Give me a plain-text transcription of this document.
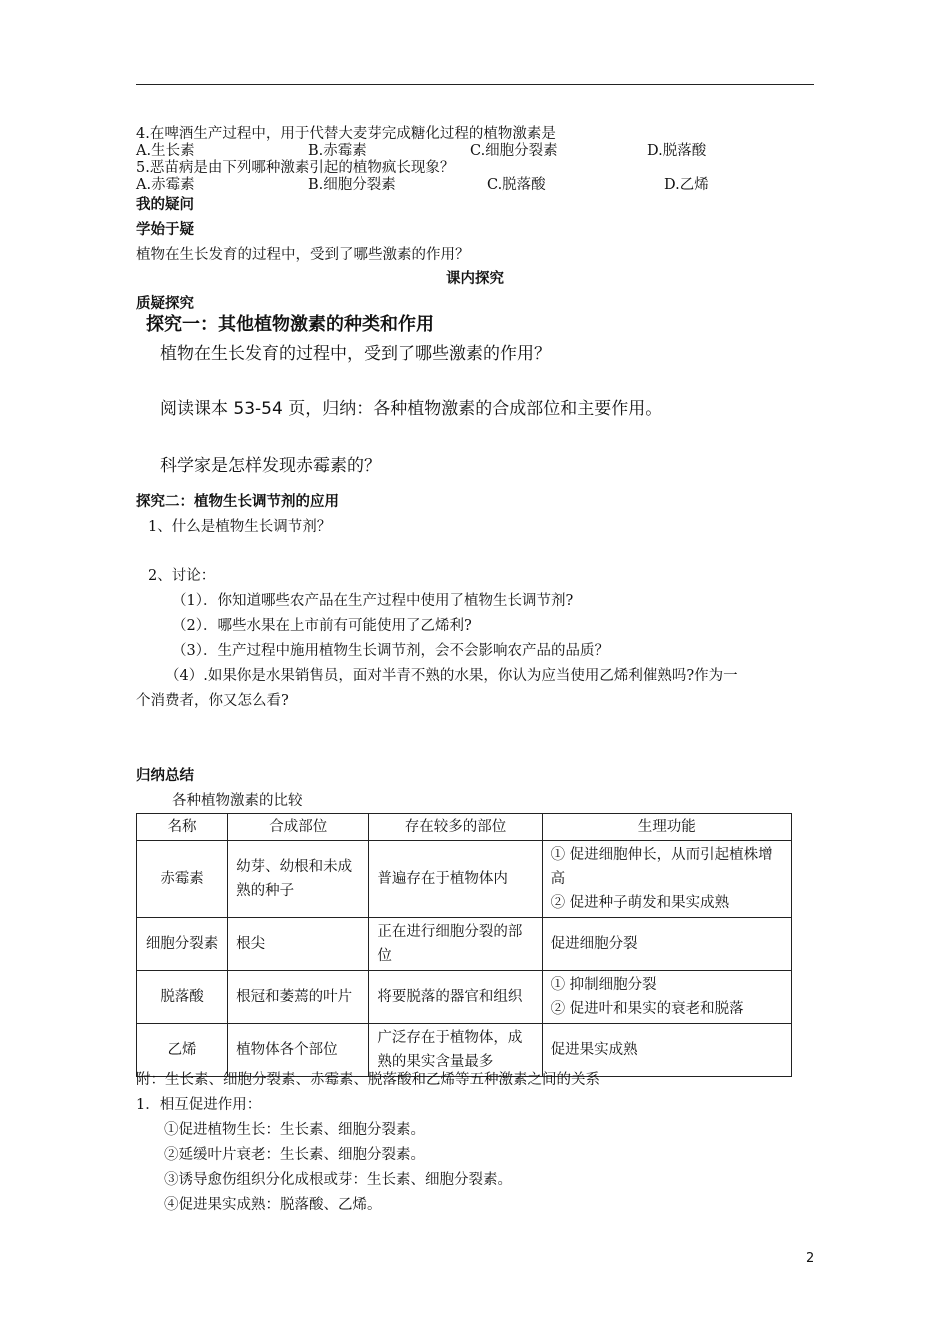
4.在啤酒生产过程中，用于代替大麦芽完成糖化过程的植物激素是
A.生长素	B.赤霉素	C.细胞分裂素	D.脱落酸
5.恶苗病是由下列哪种激素引起的植物疯长现象？
A.赤霉素	B.细胞分裂素	C.脱落酸	D.乙烯
我的疑问
学始于疑
植物在生长发育的过程中，受到了哪些激素的作用？
课内探究
质疑探究
探究一：其他植物激素的种类和作用
植物在生长发育的过程中，受到了哪些激素的作用？
阅读课本 53-54 页，归纳：各种植物激素的合成部位和主要作用。
科学家是怎样发现赤霉素的？
探究二：植物生长调节剂的应用
1、什么是植物生长调节剂？
2、讨论：
（1）．你知道哪些农产品在生产过程中使用了植物生长调节剂?
（2）．哪些水果在上市前有可能使用了乙烯利?
（3）．生产过程中施用植物生长调节剂，会不会影响农产品的品质？
（4）.如果你是水果销售员，面对半青不熟的水果，你认为应当使用乙烯利催熟吗?作为一
个消费者，你又怎么看?
归纳总结
各种植物激素的比较
名称	合成部位	存在较多的部位	生理功能
赤霉素	幼芽、幼根和未成熟的种子	普遍存在于植物体内	① 促进细胞伸长，从而引起植株增高
② 促进种子萌发和果实成熟

细胞分裂素	根尖	正在进行细胞分裂的部位	促进细胞分裂
脱落酸	根冠和萎蔫的叶片	将要脱落的器官和组织	① 抑制细胞分裂
② 促进叶和果实的衰老和脱落

乙烯	植物体各个部位	广泛存在于植物体，成熟的果实含量最多	促进果实成熟
附：生长素、细胞分裂素、赤霉素、脱落酸和乙烯等五种激素之间的关系
1．相互促进作用：
①促进植物生长：生长素、细胞分裂素。
②延缓叶片衰老：生长素、细胞分裂素。
③诱导愈伤组织分化成根或芽：生长素、细胞分裂素。
④促进果实成熟：脱落酸、乙烯。
2
